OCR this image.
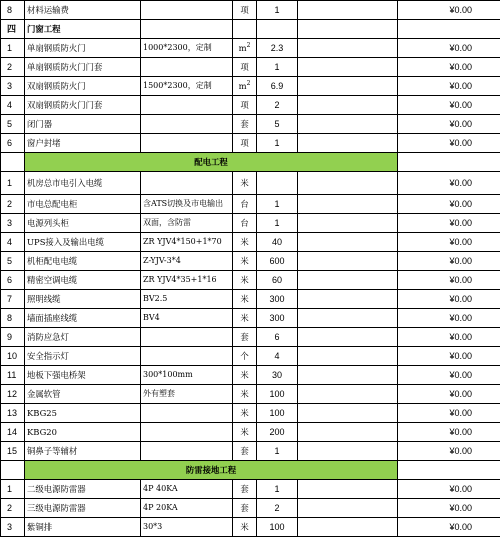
8	材料运输费		项	1		¥0.00
四	门窗工程					
1	单扇钢质防火门	1000*2300，定制	$m^2$	2.3		¥0.00
2	单扇钢质防火门门套		项	1		¥0.00
3	双扇钢质防火门	1500*2300，定制	$m^2$	6.9		¥0.00
4	双扇钢质防火门门套		项	2		¥0.00
5	闭门器		套	5		¥0.00
6	窗户封堵		项	1		¥0.00
	配电工程					
1	机房总市电引入电缆		米			¥0.00
2	市电总配电柜	含ATS切换及市电输出	台	1		¥0.00
3	电源列头柜	双面，含防雷	台	1		¥0.00
4	UPS接入及输出电缆	ZR YJV4*150+1*70	米	40		¥0.00
5	机柜配电电缆	Z-YJV-3*4	米	600		¥0.00
6	精密空调电缆	ZR YJV4*35+1*16	米	60		¥0.00
7	照明线缆	BV2.5	米	300		¥0.00
8	墙面插座线缆	BV4	米	300		¥0.00
9	消防应急灯		套	6		¥0.00
10	安全指示灯		个	4		¥0.00
11	地板下强电桥架	300*100mm	米	30		¥0.00
12	金属软管	外有塑套	米	100		¥0.00
13	KBG25		米	100		¥0.00
14	KBG20		米	200		¥0.00
15	铜鼻子等辅材		套	1		¥0.00
	防雷接地工程					
1	二级电源防雷器	4P 40KA	套	1		¥0.00
2	三级电源防雷器	4P 20KA	套	2		¥0.00
3	紫铜排	30*3	米	100		¥0.00
